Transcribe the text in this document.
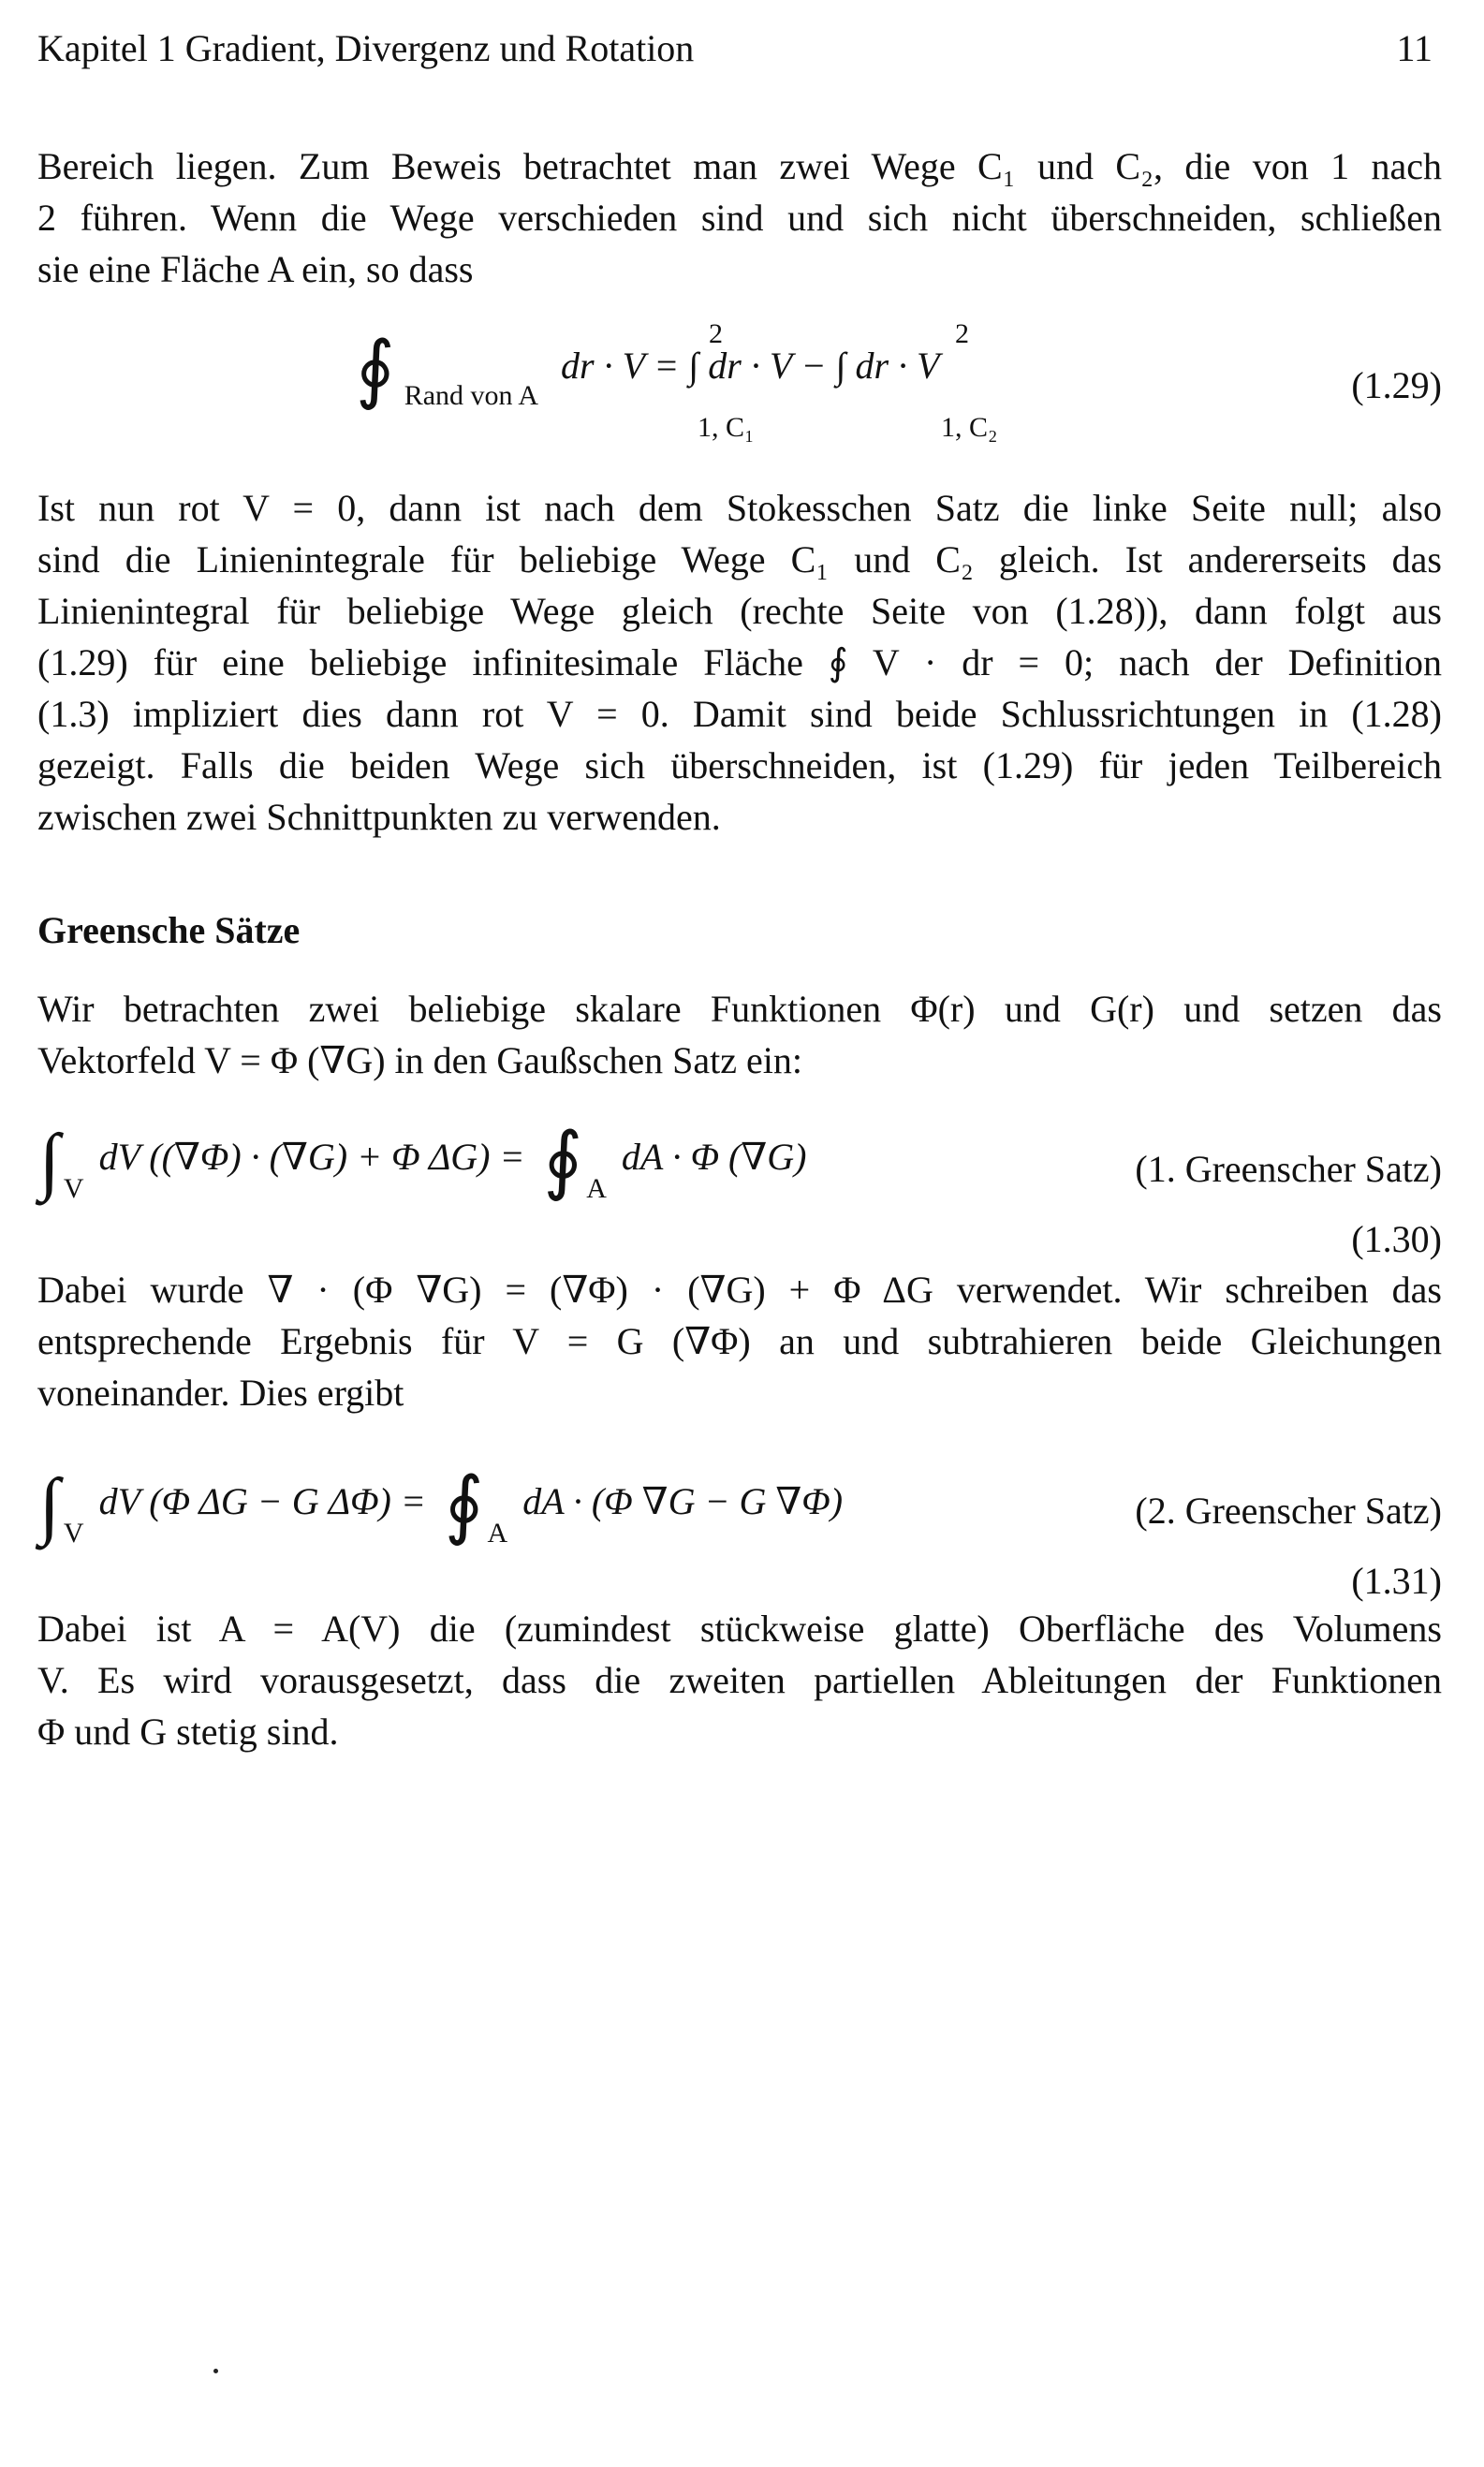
Kapitel 1 Gradient, Divergenz und Rotation	11
Bereich liegen. Zum Beweis betrachtet man zwei Wege C₁ und C₂, die von 1 nach
2 führen. Wenn die Wege verschieden sind und sich nicht überschneiden, schließen
sie eine Fläche A ein, so dass
∮ $_{Rand von A}$ dr · V = ∫ dr · V − ∫ dr · V
2
1, C₁
2
1, C₂
(1.29)
Ist nun rot V = 0, dann ist nach dem Stokesschen Satz die linke Seite null; also
sind die Linienintegrale für beliebige Wege C₁ und C₂ gleich. Ist andererseits das
Linienintegral für beliebige Wege gleich (rechte Seite von (1.28)), dann folgt aus
(1.29) für eine beliebige infinitesimale Fläche ∮ V · dr = 0; nach der Definition
(1.3) impliziert dies dann rot V = 0. Damit sind beide Schlussrichtungen in (1.28)
gezeigt. Falls die beiden Wege sich überschneiden, ist (1.29) für jeden Teilbereich
zwischen zwei Schnittpunkten zu verwenden.
Greensche Sätze
Wir betrachten zwei beliebige skalare Funktionen Φ(r) und G(r) und setzen das
Vektorfeld V = Φ (∇G) in den Gaußschen Satz ein:
∫ $_V$ dV ((∇Φ) · (∇G) + Φ ΔG) = ∮ $_A$ dA · Φ (∇G)	(1. Greenscher Satz)
(1.30)
Dabei wurde ∇ · (Φ ∇G) = (∇Φ) · (∇G) + Φ ΔG verwendet. Wir schreiben das
entsprechende Ergebnis für V = G (∇Φ) an und subtrahieren beide Gleichungen
voneinander. Dies ergibt
∫ $_V$ dV (Φ ΔG − G ΔΦ) = ∮ $_A$ dA · (Φ ∇G − G ∇Φ)	(2. Greenscher Satz)
(1.31)
Dabei ist A = A(V) die (zumindest stückweise glatte) Oberfläche des Volumens
V. Es wird vorausgesetzt, dass die zweiten partiellen Ableitungen der Funktionen
Φ und G stetig sind.
